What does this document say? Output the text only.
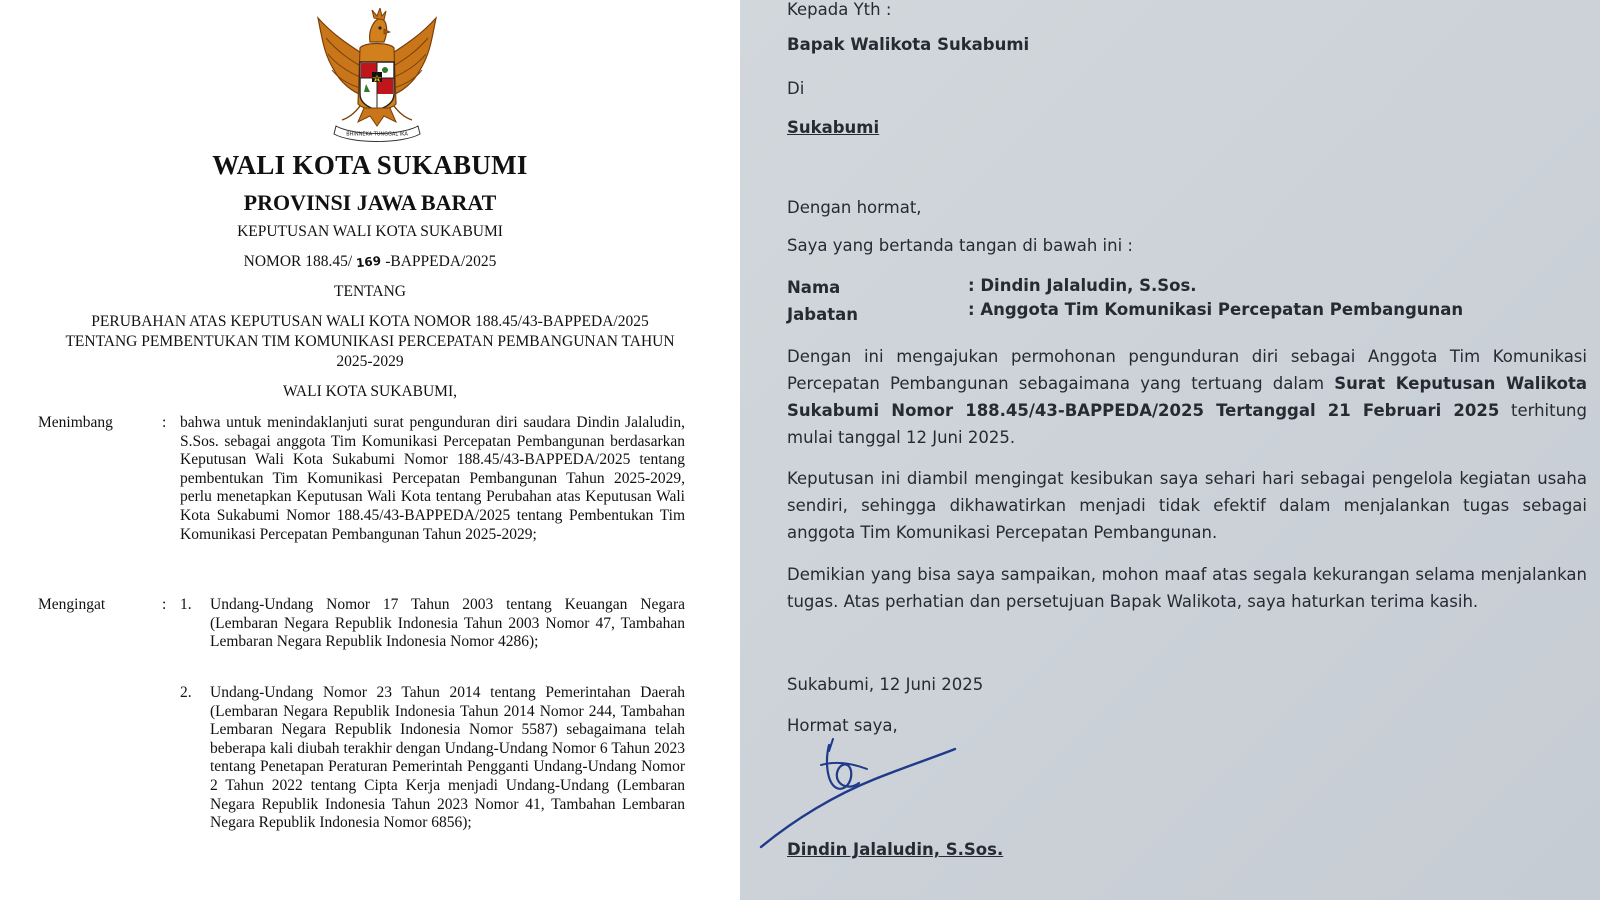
BHINNEKA TUNGGAL IKA
WALI KOTA SUKABUMI
PROVINSI JAWA BARAT
KEPUTUSAN WALI KOTA SUKABUMI
NOMOR 188.45/ 169 -BAPPEDA/2025
TENTANG
PERUBAHAN ATAS KEPUTUSAN WALI KOTA NOMOR 188.45/43-BAPPEDA/2025 TENTANG PEMBENTUKAN TIM KOMUNIKASI PERCEPATAN PEMBANGUNAN TAHUN 2025-2029
WALI KOTA SUKABUMI,
Menimbang	: bahwa untuk menindaklanjuti surat pengunduran diri saudara Dindin Jalaludin, S.Sos. sebagai anggota Tim Komunikasi Percepatan Pembangunan berdasarkan Keputusan Wali Kota Sukabumi Nomor 188.45/43-BAPPEDA/2025 tentang pembentukan Tim Komunikasi Percepatan Pembangunan Tahun 2025-2029, perlu menetapkan Keputusan Wali Kota tentang Perubahan atas Keputusan Wali Kota Sukabumi Nomor 188.45/43-BAPPEDA/2025 tentang Pembentukan Tim Komunikasi Percepatan Pembangunan Tahun 2025-2029;
Mengingat	: 1. Undang-Undang Nomor 17 Tahun 2003 tentang Keuangan Negara (Lembaran Negara Republik Indonesia Tahun 2003 Nomor 47, Tambahan Lembaran Negara Republik Indonesia Nomor 4286);
2. Undang-Undang Nomor 23 Tahun 2014 tentang Pemerintahan Daerah (Lembaran Negara Republik Indonesia Tahun 2014 Nomor 244, Tambahan Lembaran Negara Republik Indonesia Nomor 5587) sebagaimana telah beberapa kali diubah terakhir dengan Undang-Undang Nomor 6 Tahun 2023 tentang Penetapan Peraturan Pemerintah Pengganti Undang-Undang Nomor 2 Tahun 2022 tentang Cipta Kerja menjadi Undang-Undang (Lembaran Negara Republik Indonesia Tahun 2023 Nomor 41, Tambahan Lembaran Negara Republik Indonesia Nomor 6856);
Kepada Yth :
Bapak Walikota Sukabumi
Di
Sukabumi
Dengan hormat,
Saya yang bertanda tangan di bawah ini :
Nama	: Dindin Jalaludin, S.Sos.
Jabatan	: Anggota Tim Komunikasi Percepatan Pembangunan
Dengan ini mengajukan permohonan pengunduran diri sebagai Anggota Tim Komunikasi Percepatan Pembangunan sebagaimana yang tertuang dalam Surat Keputusan Walikota Sukabumi Nomor 188.45/43-BAPPEDA/2025 Tertanggal 21 Februari 2025 terhitung mulai tanggal 12 Juni 2025.
Keputusan ini diambil mengingat kesibukan saya sehari hari sebagai pengelola kegiatan usaha sendiri, sehingga dikhawatirkan menjadi tidak efektif dalam menjalankan tugas sebagai anggota Tim Komunikasi Percepatan Pembangunan.
Demikian yang bisa saya sampaikan, mohon maaf atas segala kekurangan selama menjalankan tugas. Atas perhatian dan persetujuan Bapak Walikota, saya haturkan terima kasih.
Sukabumi, 12 Juni 2025
Hormat saya,
Dindin Jalaludin, S.Sos.
